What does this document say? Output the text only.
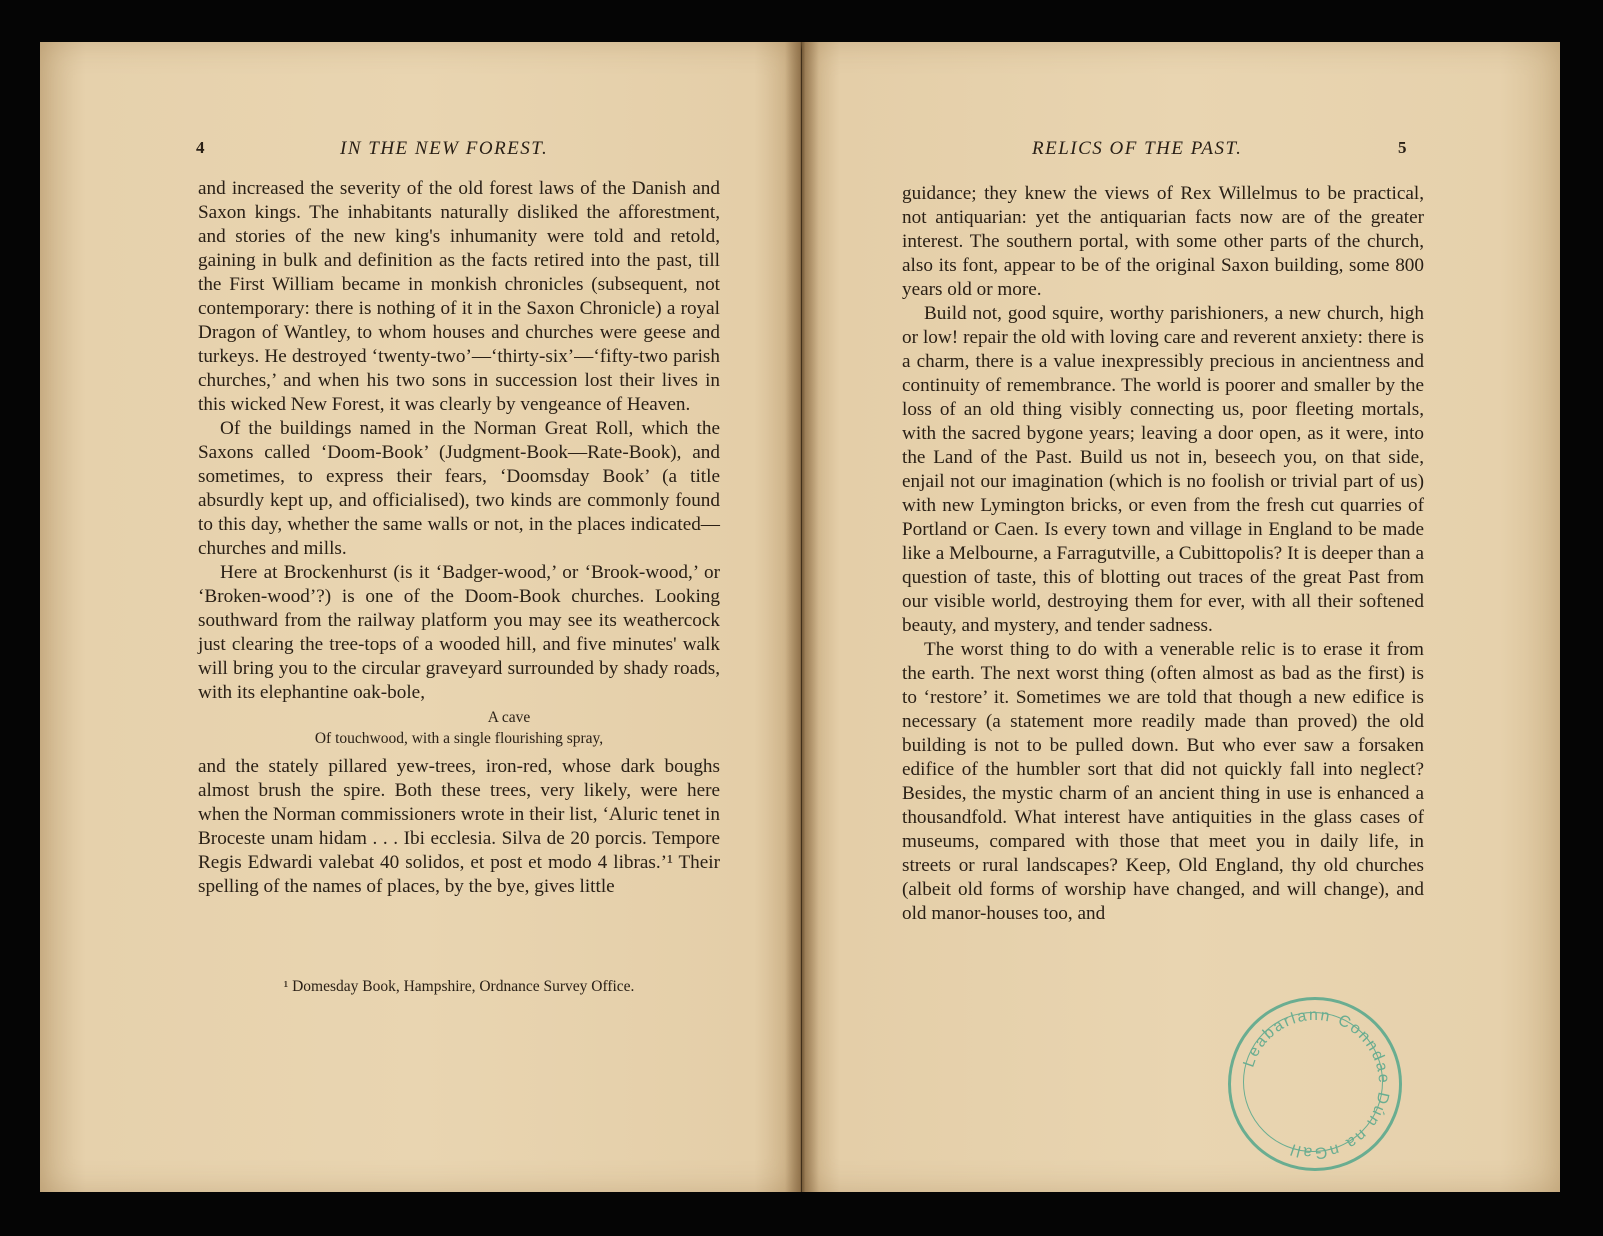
4	IN THE NEW FOREST.

and increased the severity of the old forest laws of the Danish and Saxon kings. The inhabitants naturally disliked the afforestment, and stories of the new king's inhumanity were told and retold, gaining in bulk and definition as the facts retired into the past, till the First William became in monkish chronicles (subsequent, not contemporary: there is nothing of it in the Saxon Chronicle) a royal Dragon of Wantley, to whom houses and churches were geese and turkeys. He destroyed ‘twenty-two’—‘thirty-six’—‘fifty-two parish churches,’ and when his two sons in succession lost their lives in this wicked New Forest, it was clearly by vengeance of Heaven.

Of the buildings named in the Norman Great Roll, which the Saxons called ‘Doom-Book’ (Judgment-Book—Rate-Book), and sometimes, to express their fears, ‘Doomsday Book’ (a title absurdly kept up, and officialised), two kinds are commonly found to this day, whether the same walls or not, in the places indicated—churches and mills.

Here at Brockenhurst (is it ‘Badger-wood,’ or ‘Brook-wood,’ or ‘Broken-wood’?) is one of the Doom-Book churches. Looking southward from the railway platform you may see its weathercock just clearing the tree-tops of a wooded hill, and five minutes' walk will bring you to the circular graveyard surrounded by shady roads, with its elephantine oak-bole,

A cave
Of touchwood, with a single flourishing spray,

and the stately pillared yew-trees, iron-red, whose dark boughs almost brush the spire. Both these trees, very likely, were here when the Norman commissioners wrote in their list, ‘Aluric tenet in Broceste unam hidam . . . Ibi ecclesia. Silva de 20 porcis. Tempore Regis Edwardi valebat 40 solidos, et post et modo 4 libras.’¹ Their spelling of the names of places, by the bye, gives little

¹ Domesday Book, Hampshire, Ordnance Survey Office.
RELICS OF THE PAST.	5

guidance; they knew the views of Rex Willelmus to be practical, not antiquarian: yet the antiquarian facts now are of the greater interest. The southern portal, with some other parts of the church, also its font, appear to be of the original Saxon building, some 800 years old or more.

Build not, good squire, worthy parishioners, a new church, high or low! repair the old with loving care and reverent anxiety: there is a charm, there is a value inexpressibly precious in ancientness and continuity of remembrance. The world is poorer and smaller by the loss of an old thing visibly connecting us, poor fleeting mortals, with the sacred bygone years; leaving a door open, as it were, into the Land of the Past. Build us not in, beseech you, on that side, enjail not our imagination (which is no foolish or trivial part of us) with new Lymington bricks, or even from the fresh cut quarries of Portland or Caen. Is every town and village in England to be made like a Melbourne, a Farragutville, a Cubittopolis? It is deeper than a question of taste, this of blotting out traces of the great Past from our visible world, destroying them for ever, with all their softened beauty, and mystery, and tender sadness.

The worst thing to do with a venerable relic is to erase it from the earth. The next worst thing (often almost as bad as the first) is to ‘restore’ it. Sometimes we are told that though a new edifice is necessary (a statement more readily made than proved) the old building is not to be pulled down. But who ever saw a forsaken edifice of the humbler sort that did not quickly fall into neglect? Besides, the mystic charm of an ancient thing in use is enhanced a thousandfold. What interest have antiquities in the glass cases of museums, compared with those that meet you in daily life, in streets or rural landscapes? Keep, Old England, thy old churches (albeit old forms of worship have changed, and will change), and old manor-houses too, and

Leabarlann Conndae Dún na nGall
